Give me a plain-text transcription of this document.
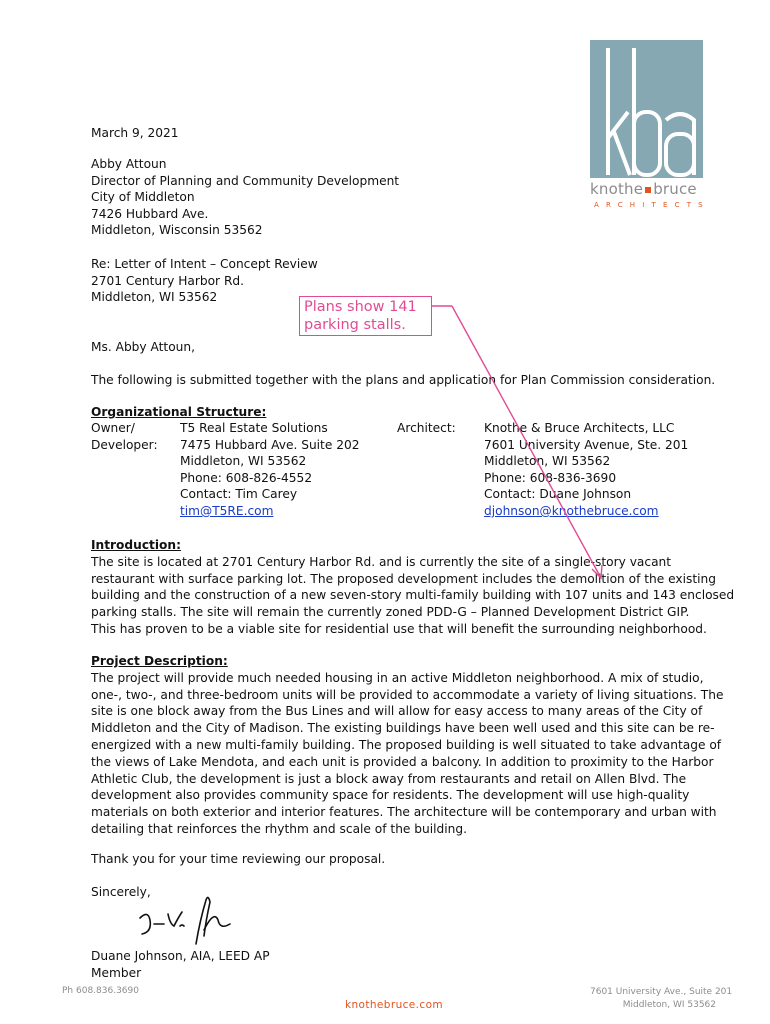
knothe bruce
ARCHITECTS
March 9, 2021
Abby Attoun
Director of Planning and Community Development
City of Middleton
7426 Hubbard Ave.
Middleton, Wisconsin 53562
Re: Letter of Intent – Concept Review
2701 Century Harbor Rd.
Middleton, WI 53562
Ms. Abby Attoun,
The following is submitted together with the plans and application for Plan Commission consideration.
Organizational Structure:
Owner/
Developer:
T5 Real Estate Solutions
7475 Hubbard Ave. Suite 202
Middleton, WI 53562
Phone: 608-826-4552
Contact: Tim Carey
tim@T5RE.com
Architect: Knothe & Bruce Architects, LLC
7601 University Avenue, Ste. 201
Middleton, WI 53562
Phone: 608-836-3690
Contact: Duane Johnson
djohnson@knothebruce.com
Introduction:
The site is located at 2701 Century Harbor Rd. and is currently the site of a single-story vacant
restaurant with surface parking lot. The proposed development includes the demolition of the existing
building and the construction of a new seven-story multi-family building with 107 units and 143 enclosed
parking stalls. The site will remain the currently zoned PDD-G – Planned Development District GIP.
This has proven to be a viable site for residential use that will benefit the surrounding neighborhood.
Project Description:
The project will provide much needed housing in an active Middleton neighborhood. A mix of studio,
one-, two-, and three-bedroom units will be provided to accommodate a variety of living situations. The
site is one block away from the Bus Lines and will allow for easy access to many areas of the City of
Middleton and the City of Madison. The existing buildings have been well used and this site can be re-
energized with a new multi-family building. The proposed building is well situated to take advantage of
the views of Lake Mendota, and each unit is provided a balcony. In addition to proximity to the Harbor
Athletic Club, the development is just a block away from restaurants and retail on Allen Blvd. The
development also provides community space for residents. The development will use high-quality
materials on both exterior and interior features. The architecture will be contemporary and urban with
detailing that reinforces the rhythm and scale of the building.
Thank you for your time reviewing our proposal.
Sincerely,
Duane Johnson, AIA, LEED AP
Member
Plans show 141
parking stalls.
Ph 608.836.3690
knothebruce.com
7601 University Ave., Suite 201
Middleton, WI 53562
